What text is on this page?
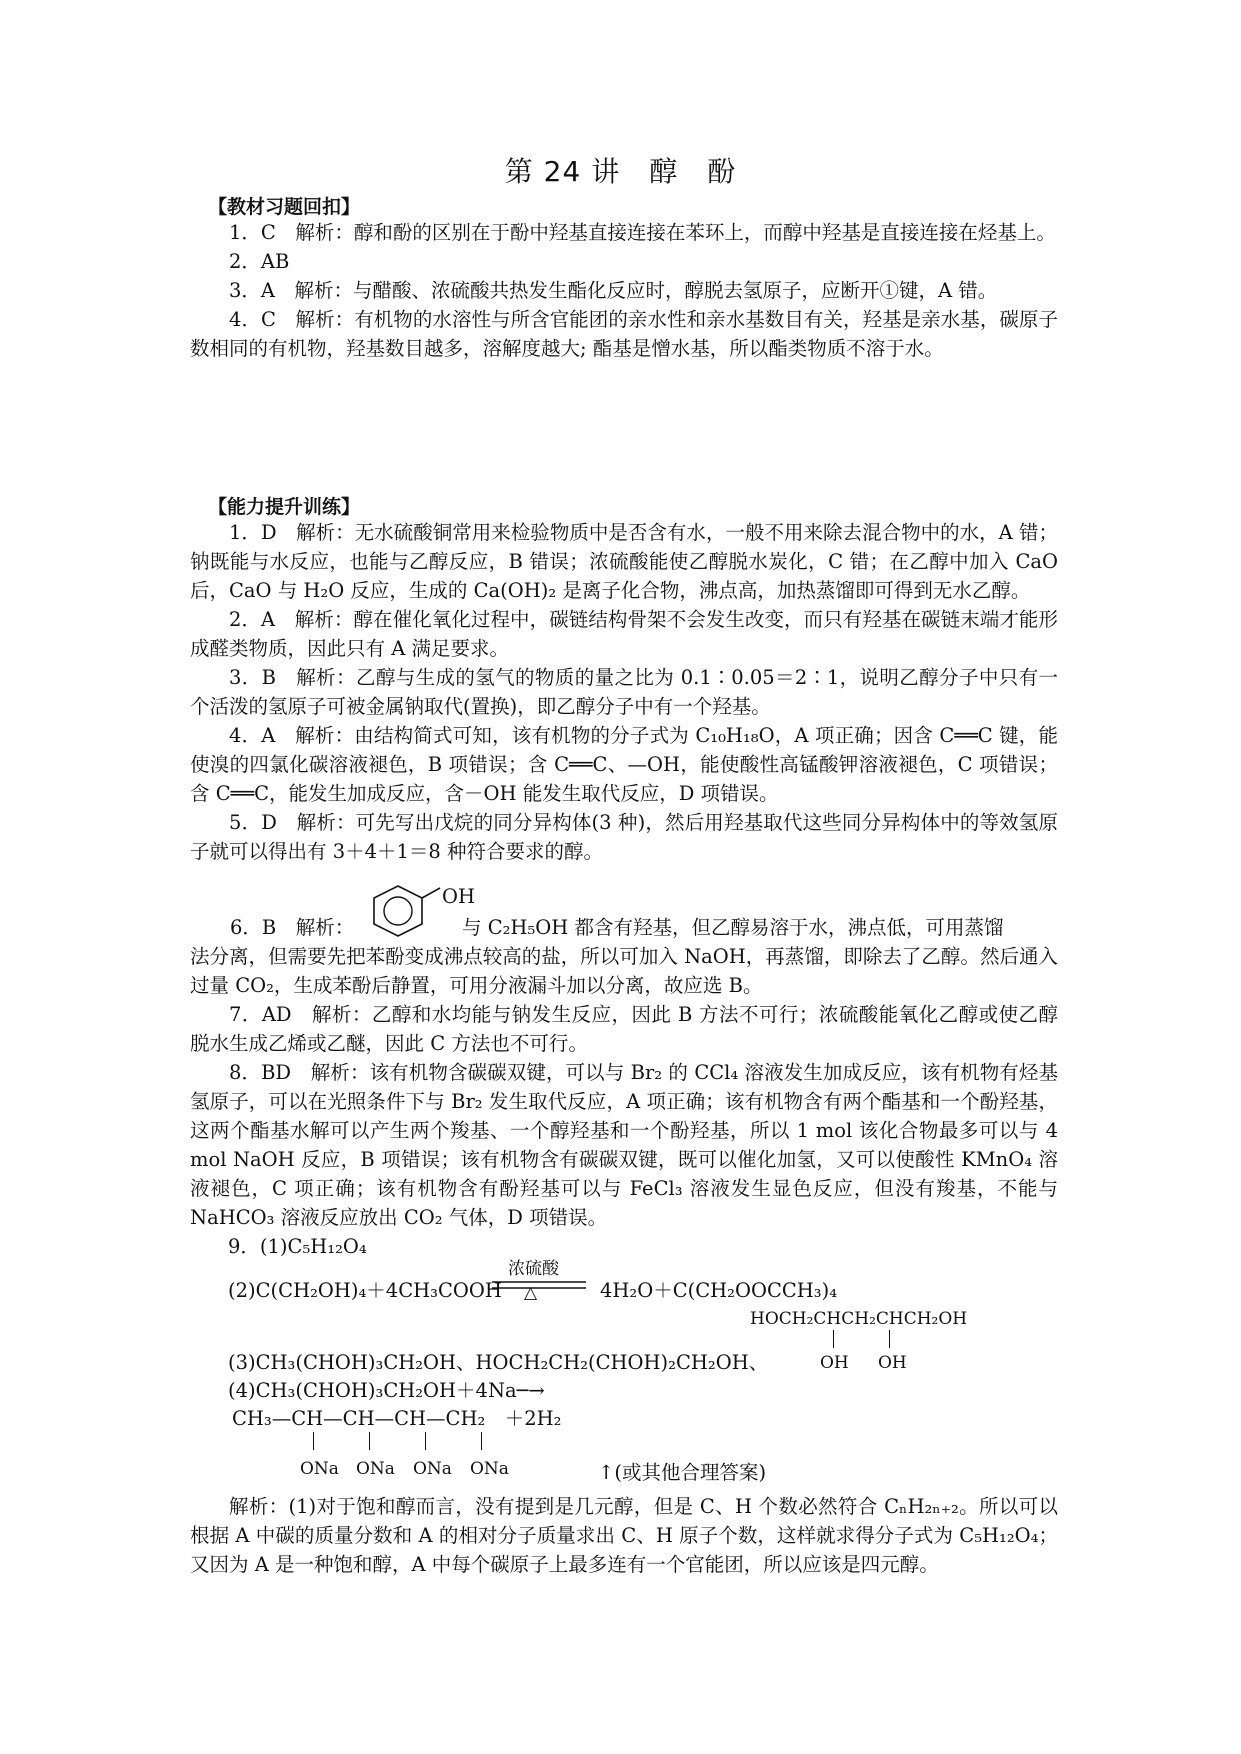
第 24 讲　醇　酚
【教材习题回扣】

1．C　解析：醇和酚的区别在于酚中羟基直接连接在苯环上，而醇中羟基是直接连接在烃基上。

2．AB

3．A　解析：与醋酸、浓硫酸共热发生酯化反应时，醇脱去氢原子，应断开①键，A 错。

4．C　解析：有机物的水溶性与所含官能团的亲水性和亲水基数目有关，羟基是亲水基，碳原子数相同的有机物，羟基数目越多，溶解度越大; 酯基是憎水基，所以酯类物质不溶于水。

【能力提升训练】

1．D　解析：无水硫酸铜常用来检验物质中是否含有水，一般不用来除去混合物中的水，A 错；钠既能与水反应，也能与乙醇反应，B 错误；浓硫酸能使乙醇脱水炭化，C 错；在乙醇中加入 CaO 后，CaO 与 H₂O 反应，生成的 Ca(OH)₂ 是离子化合物，沸点高，加热蒸馏即可得到无水乙醇。

2．A　解析：醇在催化氧化过程中，碳链结构骨架不会发生改变，而只有羟基在碳链末端才能形成醛类物质，因此只有 A 满足要求。

3．B　解析：乙醇与生成的氢气的物质的量之比为 0.1∶0.05＝2∶1，说明乙醇分子中只有一个活泼的氢原子可被金属钠取代(置换)，即乙醇分子中有一个羟基。

4．A　解析：由结构简式可知，该有机物的分子式为 C₁₀H₁₈O，A 项正确；因含 C══C 键，能使溴的四氯化碳溶液褪色，B 项错误；含 C══C、—OH，能使酸性高锰酸钾溶液褪色，C 项错误；含 C══C，能发生加成反应，含－OH 能发生取代反应，D 项错误。

5．D　解析：可先写出戊烷的同分异构体(3 种)，然后用羟基取代这些同分异构体中的等效氢原子就可以得出有 3＋4＋1＝8 种符合要求的醇。

6．B　解析：
OH
与 C₂H₅OH 都含有羟基，但乙醇易溶于水，沸点低，可用蒸馏

法分离，但需要先把苯酚变成沸点较高的盐，所以可加入 NaOH，再蒸馏，即除去了乙醇。然后通入过量 CO₂，生成苯酚后静置，可用分液漏斗加以分离，故应选 B。

7．AD　解析：乙醇和水均能与钠发生反应，因此 B 方法不可行；浓硫酸能氧化乙醇或使乙醇脱水生成乙烯或乙醚，因此 C 方法也不可行。

8．BD　解析：该有机物含碳碳双键，可以与 Br₂ 的 CCl₄ 溶液发生加成反应，该有机物有烃基氢原子，可以在光照条件下与 Br₂ 发生取代反应，A 项正确；该有机物含有两个酯基和一个酚羟基，这两个酯基水解可以产生两个羧基、一个醇羟基和一个酚羟基，所以 1 mol 该化合物最多可以与 4 mol NaOH 反应，B 项错误；该有机物含有碳碳双键，既可以催化加氢，又可以使酸性 KMnO₄ 溶液褪色，C 项正确；该有机物含有酚羟基可以与 FeCl₃ 溶液发生显色反应，但没有羧基，不能与 NaHCO₃ 溶液反应放出 CO₂ 气体，D 项错误。

9．(1)C₅H₁₂O₄
(2)C(CH₂OH)₄＋4CH₃COOH
浓硫酸
△	4H₂O＋C(CH₂OOCCH₃)₄
HOCH₂CHCH₂CHCH₂OH
(3)CH₃(CHOH)₃CH₂OH、HOCH₂CH₂(CHOH)₂CH₂OH、	OH OH
(4)CH₃(CHOH)₃CH₂OH＋4Na─→
CH₃—CH—CH—CH—CH₂　＋2H₂
ONa ONa ONa ONa	↑(或其他合理答案)

解析：(1)对于饱和醇而言，没有提到是几元醇，但是 C、H 个数必然符合 CₙH₂ₙ₊₂。所以可以根据 A 中碳的质量分数和 A 的相对分子质量求出 C、H 原子个数，这样就求得分子式为 C₅H₁₂O₄；又因为 A 是一种饱和醇，A 中每个碳原子上最多连有一个官能团，所以应该是四元醇。
